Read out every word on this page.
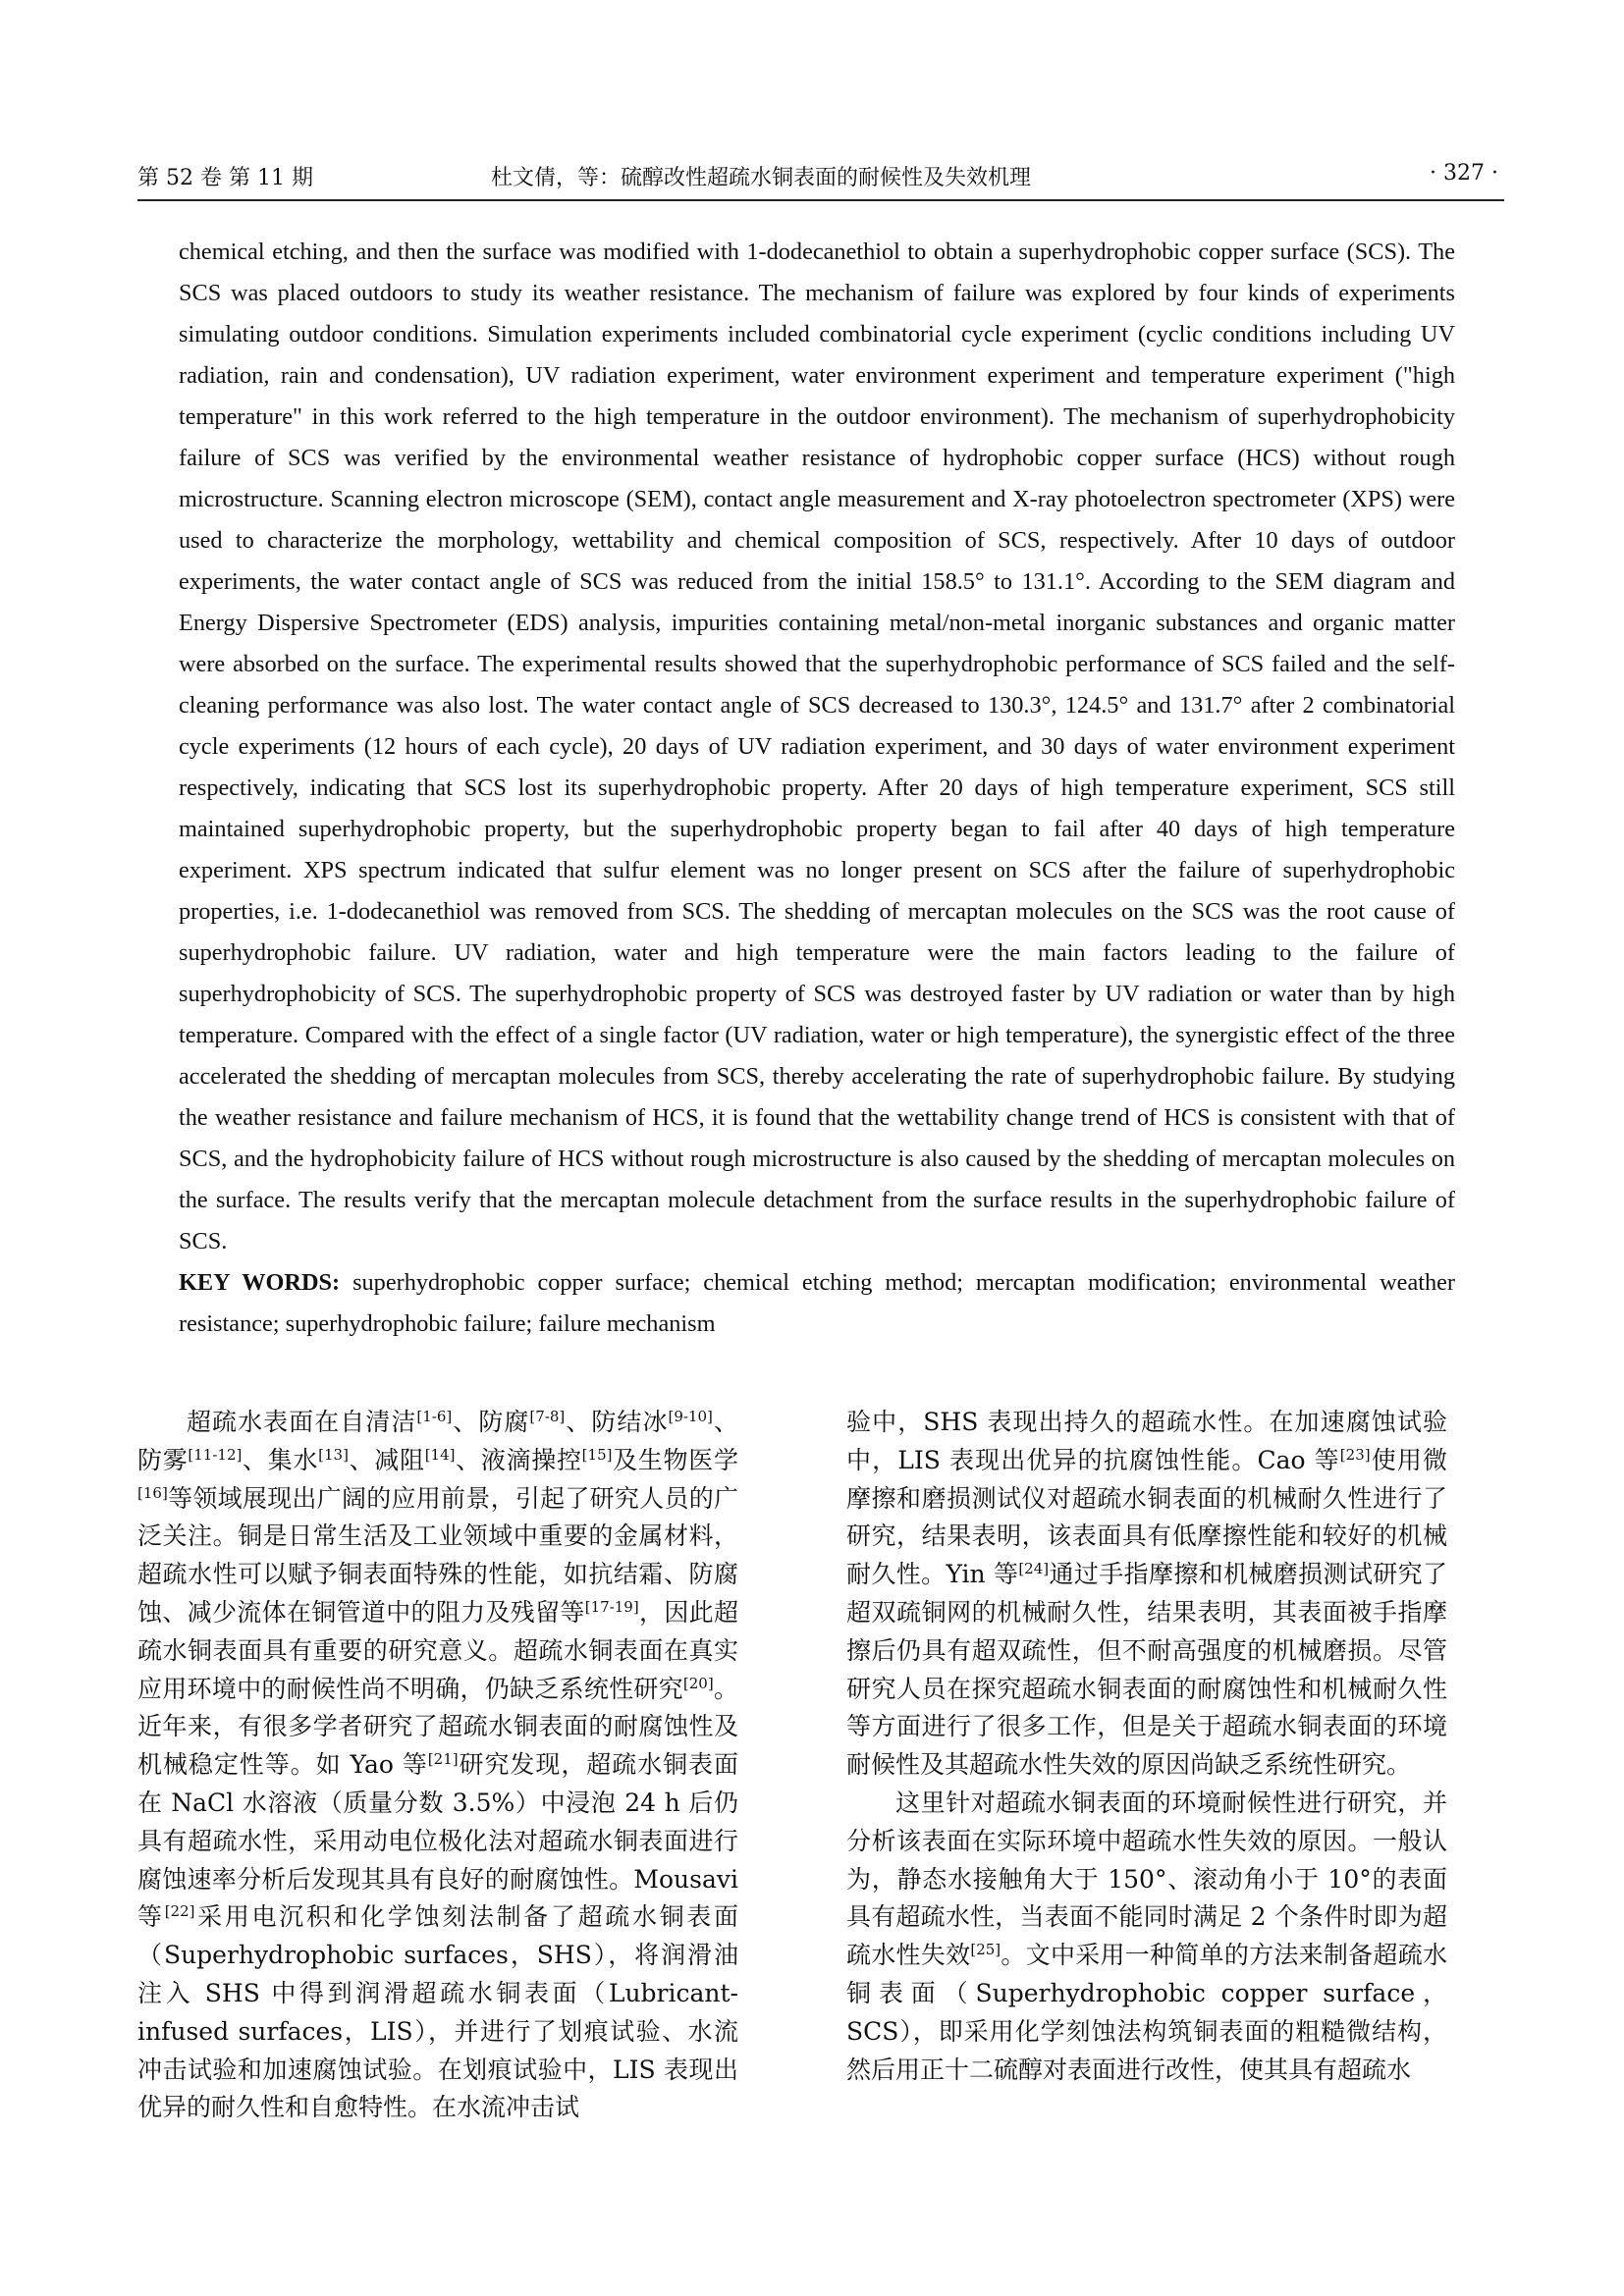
第 52 卷 第 11 期	杜文倩，等：硫醇改性超疏水铜表面的耐候性及失效机理	· 327 ·

chemical etching, and then the surface was modified with 1-dodecanethiol to obtain a superhydrophobic copper surface (SCS). The SCS was placed outdoors to study its weather resistance. The mechanism of failure was explored by four kinds of experiments simulating outdoor conditions. Simulation experiments included combinatorial cycle experiment (cyclic conditions including UV radiation, rain and condensation), UV radiation experiment, water environment experiment and temperature experiment ("high temperature" in this work referred to the high temperature in the outdoor environment). The mechanism of superhydrophobicity failure of SCS was verified by the environmental weather resistance of hydrophobic copper surface (HCS) without rough microstructure. Scanning electron microscope (SEM), contact angle measurement and X-ray photoelectron spectrometer (XPS) were used to characterize the morphology, wettability and chemical composition of SCS, respectively. After 10 days of outdoor experiments, the water contact angle of SCS was reduced from the initial 158.5° to 131.1°. According to the SEM diagram and Energy Dispersive Spectrometer (EDS) analysis, impurities containing metal/non-metal inorganic substances and organic matter were absorbed on the surface. The experimental results showed that the superhydrophobic performance of SCS failed and the self-cleaning performance was also lost. The water contact angle of SCS decreased to 130.3°, 124.5° and 131.7° after 2 combinatorial cycle experiments (12 hours of each cycle), 20 days of UV radiation experiment, and 30 days of water environment experiment respectively, indicating that SCS lost its superhydrophobic property. After 20 days of high temperature experiment, SCS still maintained superhydrophobic property, but the superhydrophobic property began to fail after 40 days of high temperature experiment. XPS spectrum indicated that sulfur element was no longer present on SCS after the failure of superhydrophobic properties, i.e. 1-dodecanethiol was removed from SCS. The shedding of mercaptan molecules on the SCS was the root cause of superhydrophobic failure. UV radiation, water and high temperature were the main factors leading to the failure of superhydrophobicity of SCS. The superhydrophobic property of SCS was destroyed faster by UV radiation or water than by high temperature. Compared with the effect of a single factor (UV radiation, water or high temperature), the synergistic effect of the three accelerated the shedding of mercaptan molecules from SCS, thereby accelerating the rate of superhydrophobic failure. By studying the weather resistance and failure mechanism of HCS, it is found that the wettability change trend of HCS is consistent with that of SCS, and the hydrophobicity failure of HCS without rough microstructure is also caused by the shedding of mercaptan molecules on the surface. The results verify that the mercaptan molecule detachment from the surface results in the superhydrophobic failure of SCS.

KEY WORDS: superhydrophobic copper surface; chemical etching method; mercaptan modification; environmental weather resistance; superhydrophobic failure; failure mechanism

超疏水表面在自清洁[1-6]、防腐[7-8]、防结冰[9-10]、防雾[11-12]、集水[13]、减阻[14]、液滴操控[15]及生物医学[16]等领域展现出广阔的应用前景，引起了研究人员的广泛关注。铜是日常生活及工业领域中重要的金属材料，超疏水性可以赋予铜表面特殊的性能，如抗结霜、防腐蚀、减少流体在铜管道中的阻力及残留等[17-19]，因此超疏水铜表面具有重要的研究意义。超疏水铜表面在真实应用环境中的耐候性尚不明确，仍缺乏系统性研究[20]。近年来，有很多学者研究了超疏水铜表面的耐腐蚀性及机械稳定性等。如 Yao 等[21]研究发现，超疏水铜表面在 NaCl 水溶液（质量分数 3.5%）中浸泡 24 h 后仍具有超疏水性，采用动电位极化法对超疏水铜表面进行腐蚀速率分析后发现其具有良好的耐腐蚀性。Mousavi 等[22]采用电沉积和化学蚀刻法制备了超疏水铜表面（Superhydrophobic surfaces，SHS），将润滑油注入 SHS 中得到润滑超疏水铜表面（Lubricant-infused surfaces，LIS），并进行了划痕试验、水流冲击试验和加速腐蚀试验。在划痕试验中，LIS 表现出优异的耐久性和自愈特性。在水流冲击试

验中，SHS 表现出持久的超疏水性。在加速腐蚀试验中，LIS 表现出优异的抗腐蚀性能。Cao 等[23]使用微摩擦和磨损测试仪对超疏水铜表面的机械耐久性进行了研究，结果表明，该表面具有低摩擦性能和较好的机械耐久性。Yin 等[24]通过手指摩擦和机械磨损测试研究了超双疏铜网的机械耐久性，结果表明，其表面被手指摩擦后仍具有超双疏性，但不耐高强度的机械磨损。尽管研究人员在探究超疏水铜表面的耐腐蚀性和机械耐久性等方面进行了很多工作，但是关于超疏水铜表面的环境耐候性及其超疏水性失效的原因尚缺乏系统性研究。

这里针对超疏水铜表面的环境耐候性进行研究，并分析该表面在实际环境中超疏水性失效的原因。一般认为，静态水接触角大于 150°、滚动角小于 10°的表面具有超疏水性，当表面不能同时满足 2 个条件时即为超疏水性失效[25]。文中采用一种简单的方法来制备超疏水铜表面（Superhydrophobic copper surface，SCS），即采用化学刻蚀法构筑铜表面的粗糙微结构，然后用正十二硫醇对表面进行改性，使其具有超疏水
